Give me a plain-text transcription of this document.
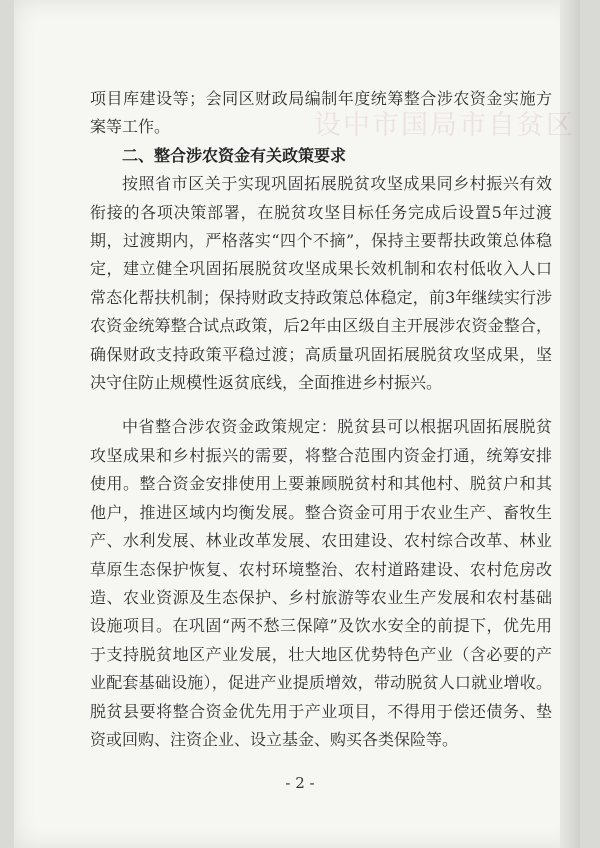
设中市国局市自贫区

项目库建设等；会同区财政局编制年度统筹整合涉农资金实施方案等工作。

二、整合涉农资金有关政策要求

按照省市区关于实现巩固拓展脱贫攻坚成果同乡村振兴有效衔接的各项决策部署，在脱贫攻坚目标任务完成后设置5年过渡期，过渡期内，严格落实“四个不摘”，保持主要帮扶政策总体稳定，建立健全巩固拓展脱贫攻坚成果长效机制和农村低收入人口常态化帮扶机制；保持财政支持政策总体稳定，前3年继续实行涉农资金统筹整合试点政策，后2年由区级自主开展涉农资金整合，确保财政支持政策平稳过渡；高质量巩固拓展脱贫攻坚成果，坚决守住防止规模性返贫底线，全面推进乡村振兴。

中省整合涉农资金政策规定：脱贫县可以根据巩固拓展脱贫攻坚成果和乡村振兴的需要，将整合范围内资金打通，统筹安排使用。整合资金安排使用上要兼顾脱贫村和其他村、脱贫户和其他户，推进区域内均衡发展。整合资金可用于农业生产、畜牧生产、水利发展、林业改革发展、农田建设、农村综合改革、林业草原生态保护恢复、农村环境整治、农村道路建设、农村危房改造、农业资源及生态保护、乡村旅游等农业生产发展和农村基础设施项目。在巩固“两不愁三保障”及饮水安全的前提下，优先用于支持脱贫地区产业发展，壮大地区优势特色产业（含必要的产业配套基础设施），促进产业提质增效，带动脱贫人口就业增收。脱贫县要将整合资金优先用于产业项目，不得用于偿还债务、垫资或回购、注资企业、设立基金、购买各类保险等。

- 2 -
